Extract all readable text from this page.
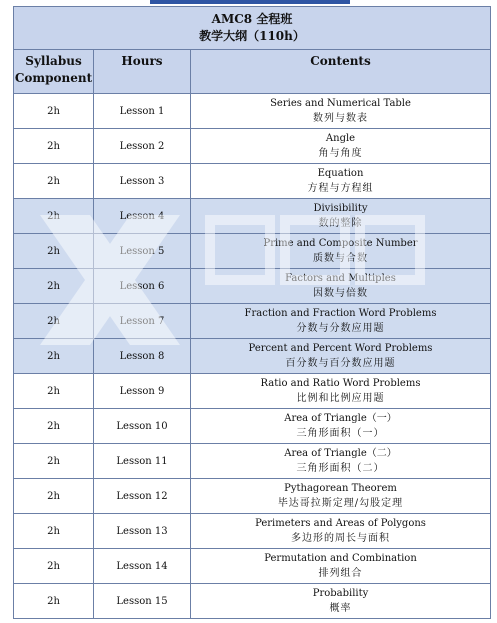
AMC8 全程班
教学大纲（110h）		

Syllabus Component	Hours	Contents
2h	Lesson 1	Series and Numerical Table
数列与数表

2h	Lesson 2	Angle
角与角度

2h	Lesson 3	Equation
方程与方程组

2h	Lesson 4	Divisibility
数的整除

2h	Lesson 5	Prime and Composite Number
质数与合数

2h	Lesson 6	Factors and Multiples
因数与倍数

2h	Lesson 7	Fraction and Fraction Word Problems
分数与分数应用题

2h	Lesson 8	Percent and Percent Word Problems
百分数与百分数应用题

2h	Lesson 9	Ratio and Ratio Word Problems
比例和比例应用题

2h	Lesson 10	Area of Triangle（一）
三角形面积（一）

2h	Lesson 11	Area of Triangle（二）
三角形面积（二）

2h	Lesson 12	Pythagorean Theorem
毕达哥拉斯定理/勾股定理

2h	Lesson 13	Perimeters and Areas of Polygons
多边形的周长与面积

2h	Lesson 14	Permutation and Combination
排列组合

2h	Lesson 15	Probability
概率
